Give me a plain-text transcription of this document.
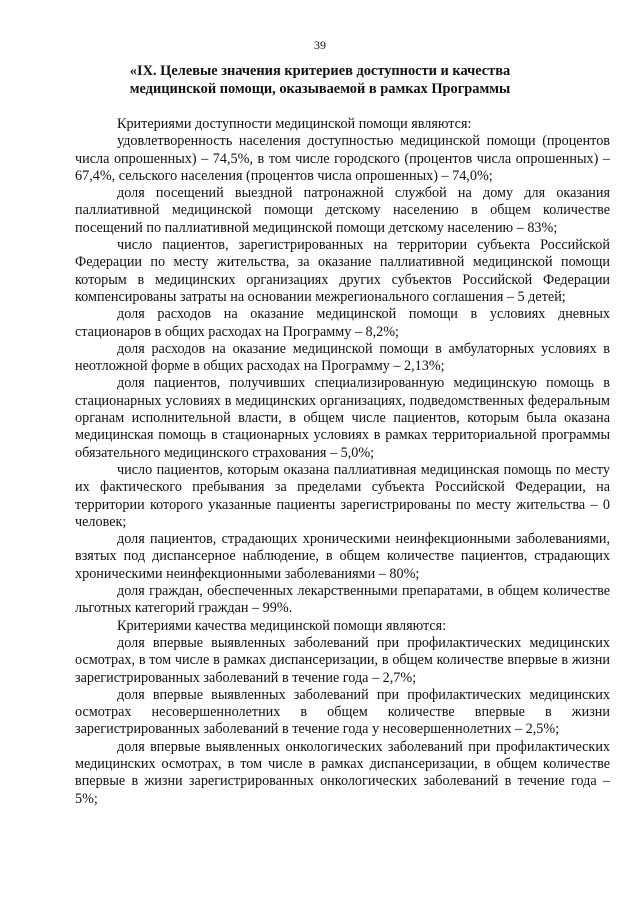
39
«IX. Целевые значения критериев доступности и качества медицинской помощи, оказываемой в рамках Программы

Критериями доступности медицинской помощи являются:

удовлетворенность населения доступностью медицинской помощи (процентов числа опрошенных) – 74,5%, в том числе городского (процентов числа опрошенных) – 67,4%, сельского населения (процентов числа опрошенных) – 74,0%;

доля посещений выездной патронажной службой на дому для оказания паллиативной медицинской помощи детскому населению в общем количестве посещений по паллиативной медицинской помощи детскому населению – 83%;

число пациентов, зарегистрированных на территории субъекта Российской Федерации по месту жительства, за оказание паллиативной медицинской помощи которым в медицинских организациях других субъектов Российской Федерации компенсированы затраты на основании межрегионального соглашения – 5 детей;

доля расходов на оказание медицинской помощи в условиях дневных стационаров в общих расходах на Программу – 8,2%;

доля расходов на оказание медицинской помощи в амбулаторных условиях в неотложной форме в общих расходах на Программу – 2,13%;

доля пациентов, получивших специализированную медицинскую помощь в стационарных условиях в медицинских организациях, подведомственных федеральным органам исполнительной власти, в общем числе пациентов, которым была оказана медицинская помощь в стационарных условиях в рамках территориальной программы обязательного медицинского страхования – 5,0%;

число пациентов, которым оказана паллиативная медицинская помощь по месту их фактического пребывания за пределами субъекта Российской Федерации, на территории которого указанные пациенты зарегистрированы по месту жительства – 0 человек;

доля пациентов, страдающих хроническими неинфекционными заболеваниями, взятых под диспансерное наблюдение, в общем количестве пациентов, страдающих хроническими неинфекционными заболеваниями – 80%;

доля граждан, обеспеченных лекарственными препаратами, в общем количестве льготных категорий граждан – 99%.

Критериями качества медицинской помощи являются:

доля впервые выявленных заболеваний при профилактических медицинских осмотрах, в том числе в рамках диспансеризации, в общем количестве впервые в жизни зарегистрированных заболеваний в течение года – 2,7%;

доля впервые выявленных заболеваний при профилактических медицинских осмотрах несовершеннолетних в общем количестве впервые в жизни зарегистрированных заболеваний в течение года у несовершеннолетних – 2,5%;

доля впервые выявленных онкологических заболеваний при профилактических медицинских осмотрах, в том числе в рамках диспансеризации, в общем количестве впервые в жизни зарегистрированных онкологических заболеваний в течение года – 5%;
